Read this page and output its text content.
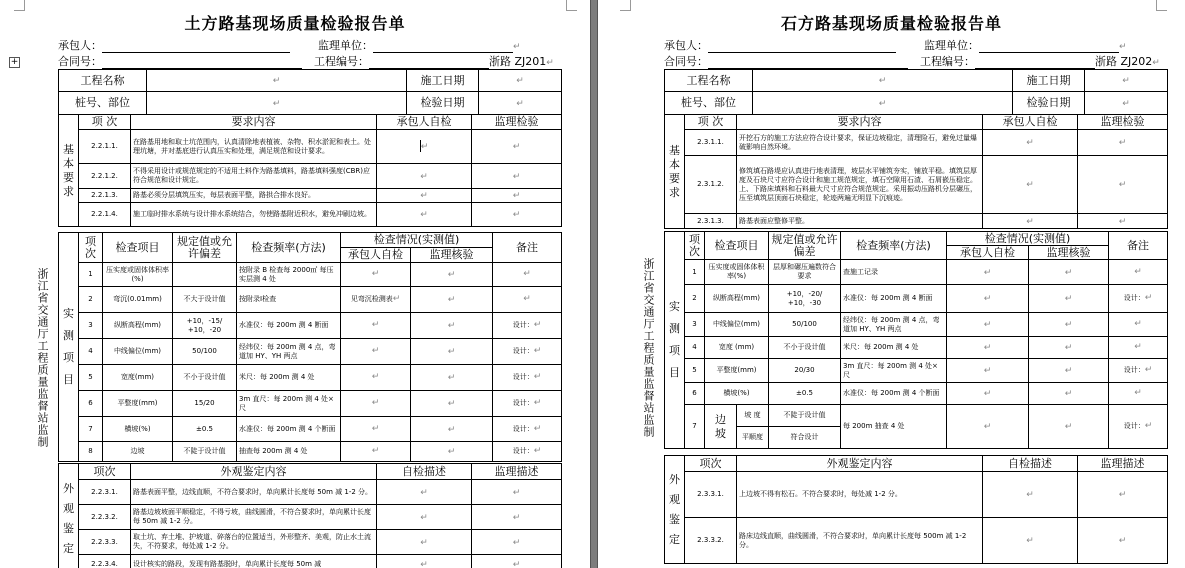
土方路基现场质量检验报告单
承包人：	监理单位：	↵
合同号：	工程编号：	浙路 ZJ201↵
+
浙江省交通厅工程质量监督站监制
工程名称	↵	施工日期	↵
桩号、部位	↵	检验日期	↵
基本要求	项 次	要求内容	承包人自检	监理检验
	2.2.1.1.	在路基用地和取土坑范围内，认真清除地表植被、杂物、积水淤泥和表土。处理坑塘，并对基底进行认真压实和处理，满足规范和设计要求。	↵	↵
	2.2.1.2.	不得采用设计或规范规定的不适用土料作为路基填料，路基填料强度(CBR)应符合规范和设计规定。	↵	↵
	2.2.1.3.	路基必须分层填筑压实，每层表面平整，路拱合排水良好。	↵	↵
	2.2.1.4.	施工临时排水系统与设计排水系统结合，勿使路基附近积水，避免冲刷边坡。	↵	↵
实测项目	项次	检查项目	规定值或允许偏差	检查频率(方法)	检查情况(实测值)		备注
					承包人自检	监理核验	
	1	压实度或固体体积率(%)		按附录 B 检查每 2000㎡ 每压实层测 4 处	↵	↵	↵
	2	弯沉(0.01mm)	不大于设计值	按附录Ⅰ检查	见弯沉检测表↵	↵	↵
	3	纵断高程(mm)	+10，-15/ +10，-20	水准仪：每 200m 测 4 断面	↵	↵	设计：↵
	4	中线偏位(mm)	50/100	经纬仪：每 200m 测 4 点，弯道加 HY、YH 两点	↵	↵	设计：↵
	5	宽度(mm)	不小于设计值	米尺：每 200m 测 4 处	↵	↵	设计：↵
	6	平整度(mm)	15/20	3m 直尺：每 200m 测 4 处×尺	↵	↵	设计：↵
	7	横坡(%)	±0.5	水准仪：每 200m 测 4 个断面	↵	↵	设计：↵
	8	边坡	不陡于设计值	抽查每 200m 测 4 处	↵	↵	设计：↵
外观鉴定	项次	外观鉴定内容	自检描述	监理描述
	2.2.3.1.	路基表面平整，边线直顺，不符合要求时，单向累计长度每 50m 减 1-2 分。	↵	↵
	2.2.3.2.	路基边坡坡面平顺稳定，不得亏坡，曲线圆滑，不符合要求时，单向累计长度每 50m 减 1-2 分。	↵	↵
	2.2.3.3.	取土坑、弃土堆、护坡道、碎落台的位置适当，外形整齐、美观，防止水土流失，不符要求，每处减 1-2 分。	↵	↵
	2.2.3.4.	设计核实的路段，发现有路基脱时，单向累计长度每 50m 减	↵	↵
石方路基现场质量检验报告单
承包人：	监理单位：	↵
合同号：	工程编号：	浙路 ZJ202↵
浙江省交通厅工程质量监督站监制
工程名称	↵	施工日期	↵
桩号、部位	↵	检验日期	↵
基本要求	项 次	要求内容	承包人自检	监理检验
	2.3.1.1.	开挖石方的施工方法应符合设计要求，保证边坡稳定，清理险石，避免过量爆破影响自然环境。	↵	↵
	2.3.1.2.	修筑填石路堤应认真进行地表清理，坡层水平铺筑夯实，铺放平稳。填筑层厚度及石块尺寸应符合设计和施工规范规定，填石空隙用石渣、石屑嵌压稳定。上、下路床填料和石料最大尺寸应符合规范规定。采用振动压路机分层碾压，压至填筑层顶面石块稳定，轮迹两遍无明显下沉痕迹。	↵	↵
	2.3.1.3.	路基表面应整修平整。	↵	↵
实测项目	项次	检查项目		规定值或允许偏差	检查频率(方法)	检查情况(实测值)		备注
						承包人自检	监理核验	
	1	压实度或固体体积率(%)		层厚和碾压遍数符合要求	查施工记录	↵	↵	↵
	2	纵断高程(mm)		+10，-20/ +10，-30	水准仪：每 200m 测 4 断面	↵	↵	设计：↵
	3	中线偏位(mm)		50/100	经纬仪：每 200m 测 4 点，弯道加 HY、YH 两点	↵	↵	↵
	4	宽度 (mm)		不小于设计值	米尺：每 200m 测 4 处	↵	↵	↵
	5	平整度(mm)		20/30	3m 直尺：每 200m 测 4 处×尺	↵	↵	设计：↵
	6	横坡(%)		±0.5	水准仪：每 200m 测 4 个断面	↵	↵	↵
	7	边坡	坡 度	不陡于设计值	每 200m 抽查 4 处	↵	↵	设计：↵
			平顺度	符合设计				
外观鉴定	项次	外观鉴定内容	自检描述	监理描述
	2.3.3.1.	上边坡不得有松石。不符合要求时，每处减 1-2 分。	↵	↵
	2.3.3.2.	路床边线直顺，曲线圆滑，不符合要求时，单向累计长度每 500m 减 1-2 分。	↵	↵
